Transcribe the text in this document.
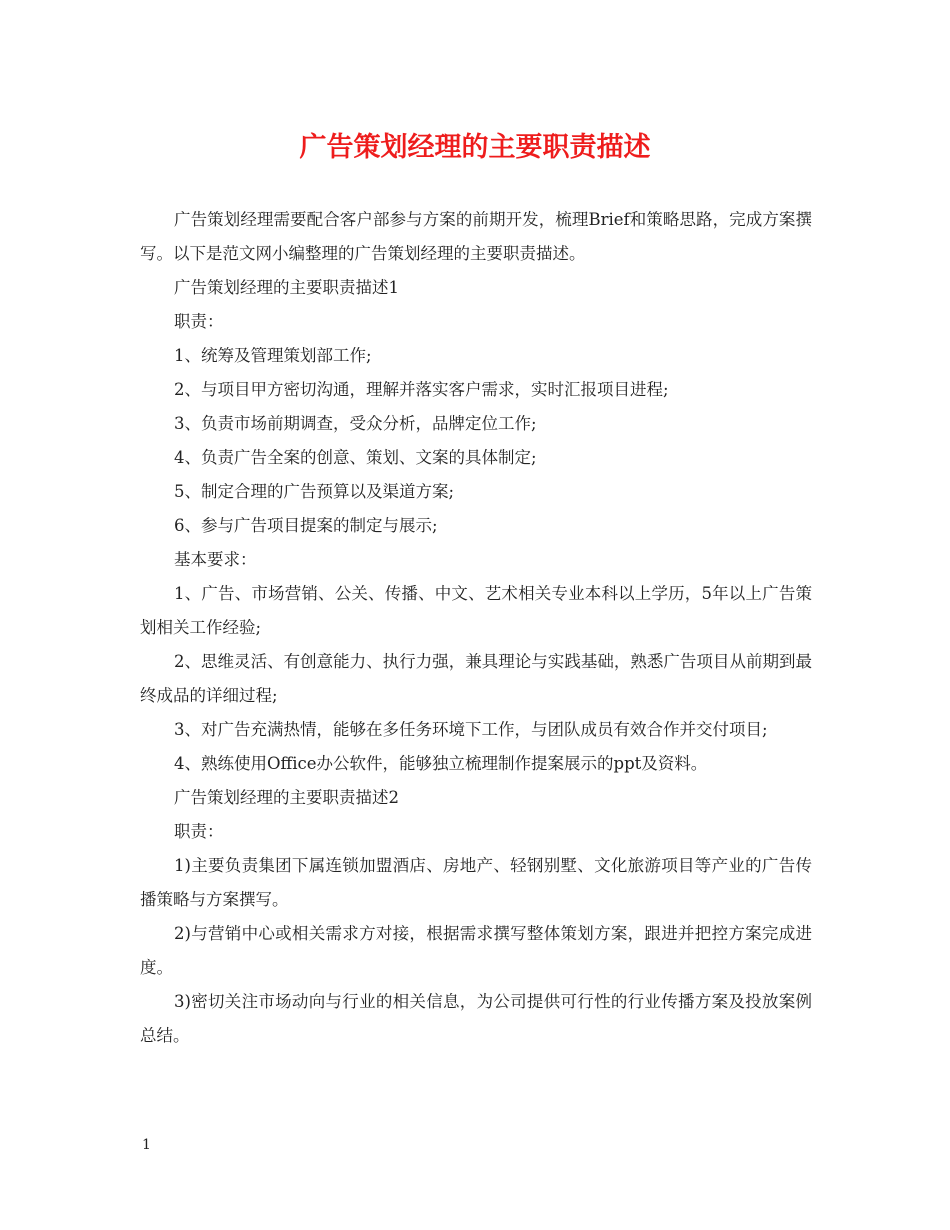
广告策划经理的主要职责描述

广告策划经理需要配合客户部参与方案的前期开发，梳理Brief和策略思路，完成方案撰写。以下是范文网小编整理的广告策划经理的主要职责描述。

广告策划经理的主要职责描述1

职责：

1、统筹及管理策划部工作;

2、与项目甲方密切沟通，理解并落实客户需求，实时汇报项目进程;

3、负责市场前期调查，受众分析，品牌定位工作;

4、负责广告全案的创意、策划、文案的具体制定;

5、制定合理的广告预算以及渠道方案;

6、参与广告项目提案的制定与展示;

基本要求：

1、广告、市场营销、公关、传播、中文、艺术相关专业本科以上学历，5年以上广告策划相关工作经验;

2、思维灵活、有创意能力、执行力强，兼具理论与实践基础，熟悉广告项目从前期到最终成品的详细过程;

3、对广告充满热情，能够在多任务环境下工作，与团队成员有效合作并交付项目;

4、熟练使用Office办公软件，能够独立梳理制作提案展示的ppt及资料。

广告策划经理的主要职责描述2

职责：

1)主要负责集团下属连锁加盟酒店、房地产、轻钢别墅、文化旅游项目等产业的广告传播策略与方案撰写。

2)与营销中心或相关需求方对接，根据需求撰写整体策划方案，跟进并把控方案完成进度。

3)密切关注市场动向与行业的相关信息，为公司提供可行性的行业传播方案及投放案例总结。

1
